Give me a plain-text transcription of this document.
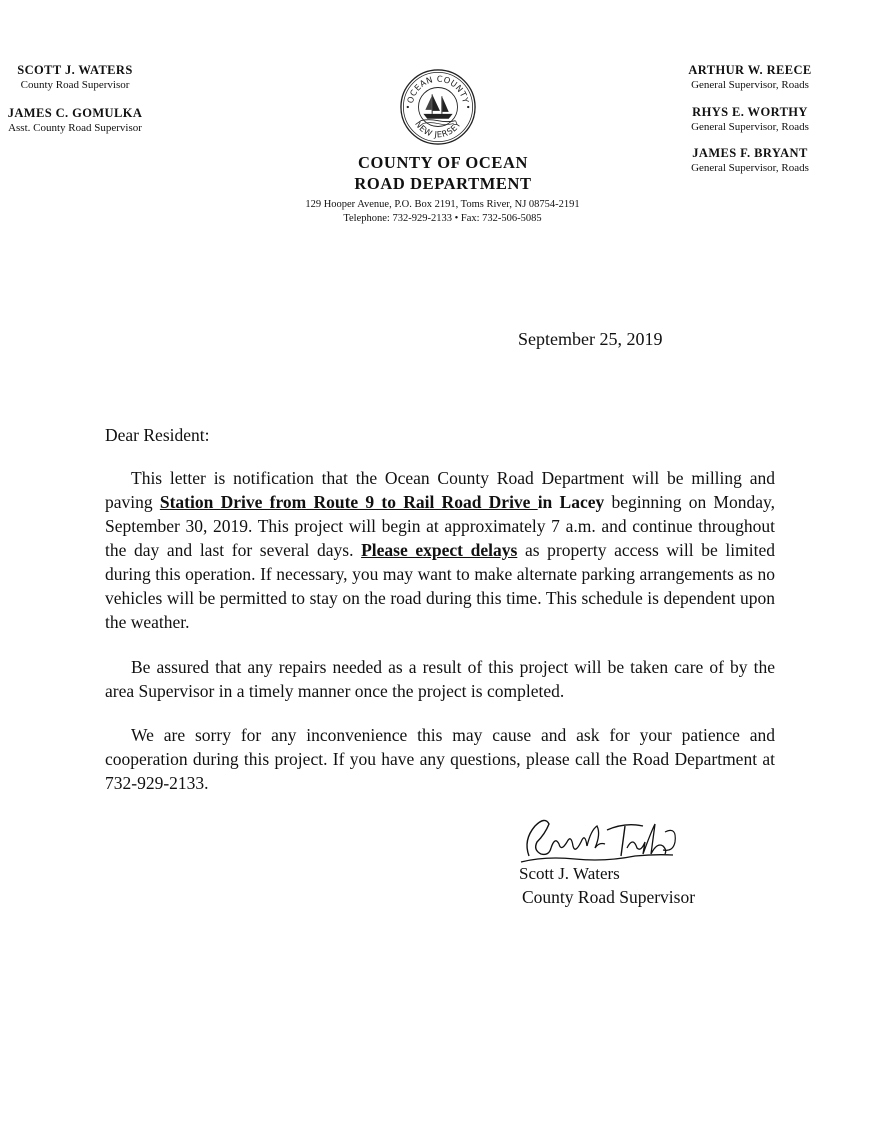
SCOTT J. WATERS
County Road Supervisor
JAMES C. GOMULKA
Asst. County Road Supervisor
ARTHUR W. REECE
General Supervisor, Roads
RHYS E. WORTHY
General Supervisor, Roads
JAMES F. BRYANT
General Supervisor, Roads
OCEAN COUNTY
NEW JERSEY
COUNTY OF OCEAN
ROAD DEPARTMENT
129 Hooper Avenue, P.O. Box 2191, Toms River, NJ 08754-2191
Telephone: 732-929-2133 • Fax: 732-506-5085
September 25, 2019
Dear Resident:

This letter is notification that the Ocean County Road Department will be milling and paving Station Drive from Route 9 to Rail Road Drive in Lacey beginning on Monday, September 30, 2019. This project will begin at approximately 7 a.m. and continue throughout the day and last for several days. Please expect delays as property access will be limited during this operation. If necessary, you may want to make alternate parking arrangements as no vehicles will be permitted to stay on the road during this time. This schedule is dependent upon the weather.

Be assured that any repairs needed as a result of this project will be taken care of by the area Supervisor in a timely manner once the project is completed.

We are sorry for any inconvenience this may cause and ask for your patience and cooperation during this project. If you have any questions, please call the Road Department at 732-929-2133.

Scott J. Waters
County Road Supervisor
